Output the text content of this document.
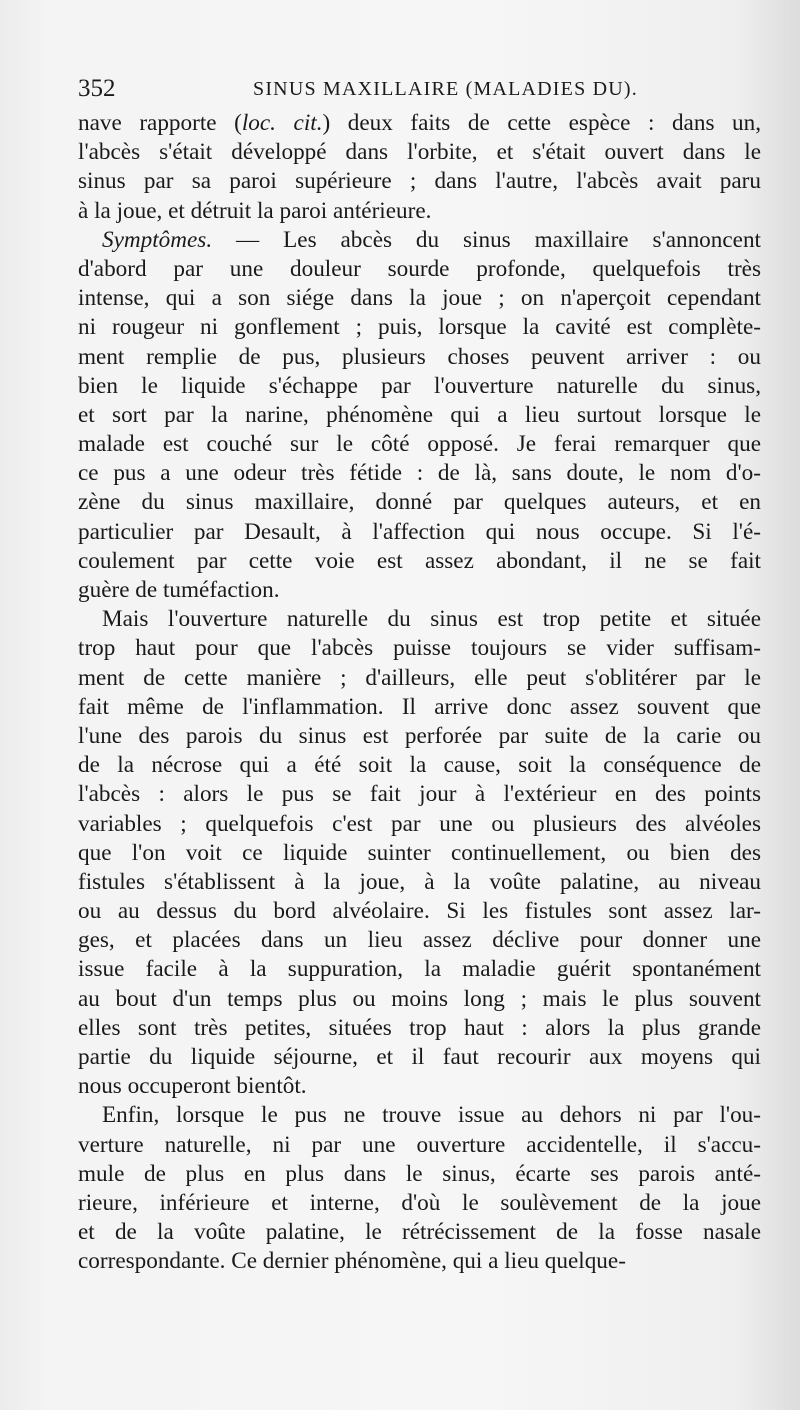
352	SINUS MAXILLAIRE (MALADIES DU).
nave rapporte (loc. cit.) deux faits de cette espèce : dans un,
l'abcès s'était développé dans l'orbite, et s'était ouvert dans le
sinus par sa paroi supérieure ; dans l'autre, l'abcès avait paru
à la joue, et détruit la paroi antérieure.
Symptômes. — Les abcès du sinus maxillaire s'annoncent
d'abord par une douleur sourde profonde, quelquefois très
intense, qui a son siége dans la joue ; on n'aperçoit cependant
ni rougeur ni gonflement ; puis, lorsque la cavité est complète-
ment remplie de pus, plusieurs choses peuvent arriver : ou
bien le liquide s'échappe par l'ouverture naturelle du sinus,
et sort par la narine, phénomène qui a lieu surtout lorsque le
malade est couché sur le côté opposé. Je ferai remarquer que
ce pus a une odeur très fétide : de là, sans doute, le nom d'o-
zène du sinus maxillaire, donné par quelques auteurs, et en
particulier par Desault, à l'affection qui nous occupe. Si l'é-
coulement par cette voie est assez abondant, il ne se fait
guère de tuméfaction.
Mais l'ouverture naturelle du sinus est trop petite et située
trop haut pour que l'abcès puisse toujours se vider suffisam-
ment de cette manière ; d'ailleurs, elle peut s'oblitérer par le
fait même de l'inflammation. Il arrive donc assez souvent que
l'une des parois du sinus est perforée par suite de la carie ou
de la nécrose qui a été soit la cause, soit la conséquence de
l'abcès : alors le pus se fait jour à l'extérieur en des points
variables ; quelquefois c'est par une ou plusieurs des alvéoles
que l'on voit ce liquide suinter continuellement, ou bien des
fistules s'établissent à la joue, à la voûte palatine, au niveau
ou au dessus du bord alvéolaire. Si les fistules sont assez lar-
ges, et placées dans un lieu assez déclive pour donner une
issue facile à la suppuration, la maladie guérit spontanément
au bout d'un temps plus ou moins long ; mais le plus souvent
elles sont très petites, situées trop haut : alors la plus grande
partie du liquide séjourne, et il faut recourir aux moyens qui
nous occuperont bientôt.
Enfin, lorsque le pus ne trouve issue au dehors ni par l'ou-
verture naturelle, ni par une ouverture accidentelle, il s'accu-
mule de plus en plus dans le sinus, écarte ses parois anté-
rieure, inférieure et interne, d'où le soulèvement de la joue
et de la voûte palatine, le rétrécissement de la fosse nasale
correspondante. Ce dernier phénomène, qui a lieu quelque-
